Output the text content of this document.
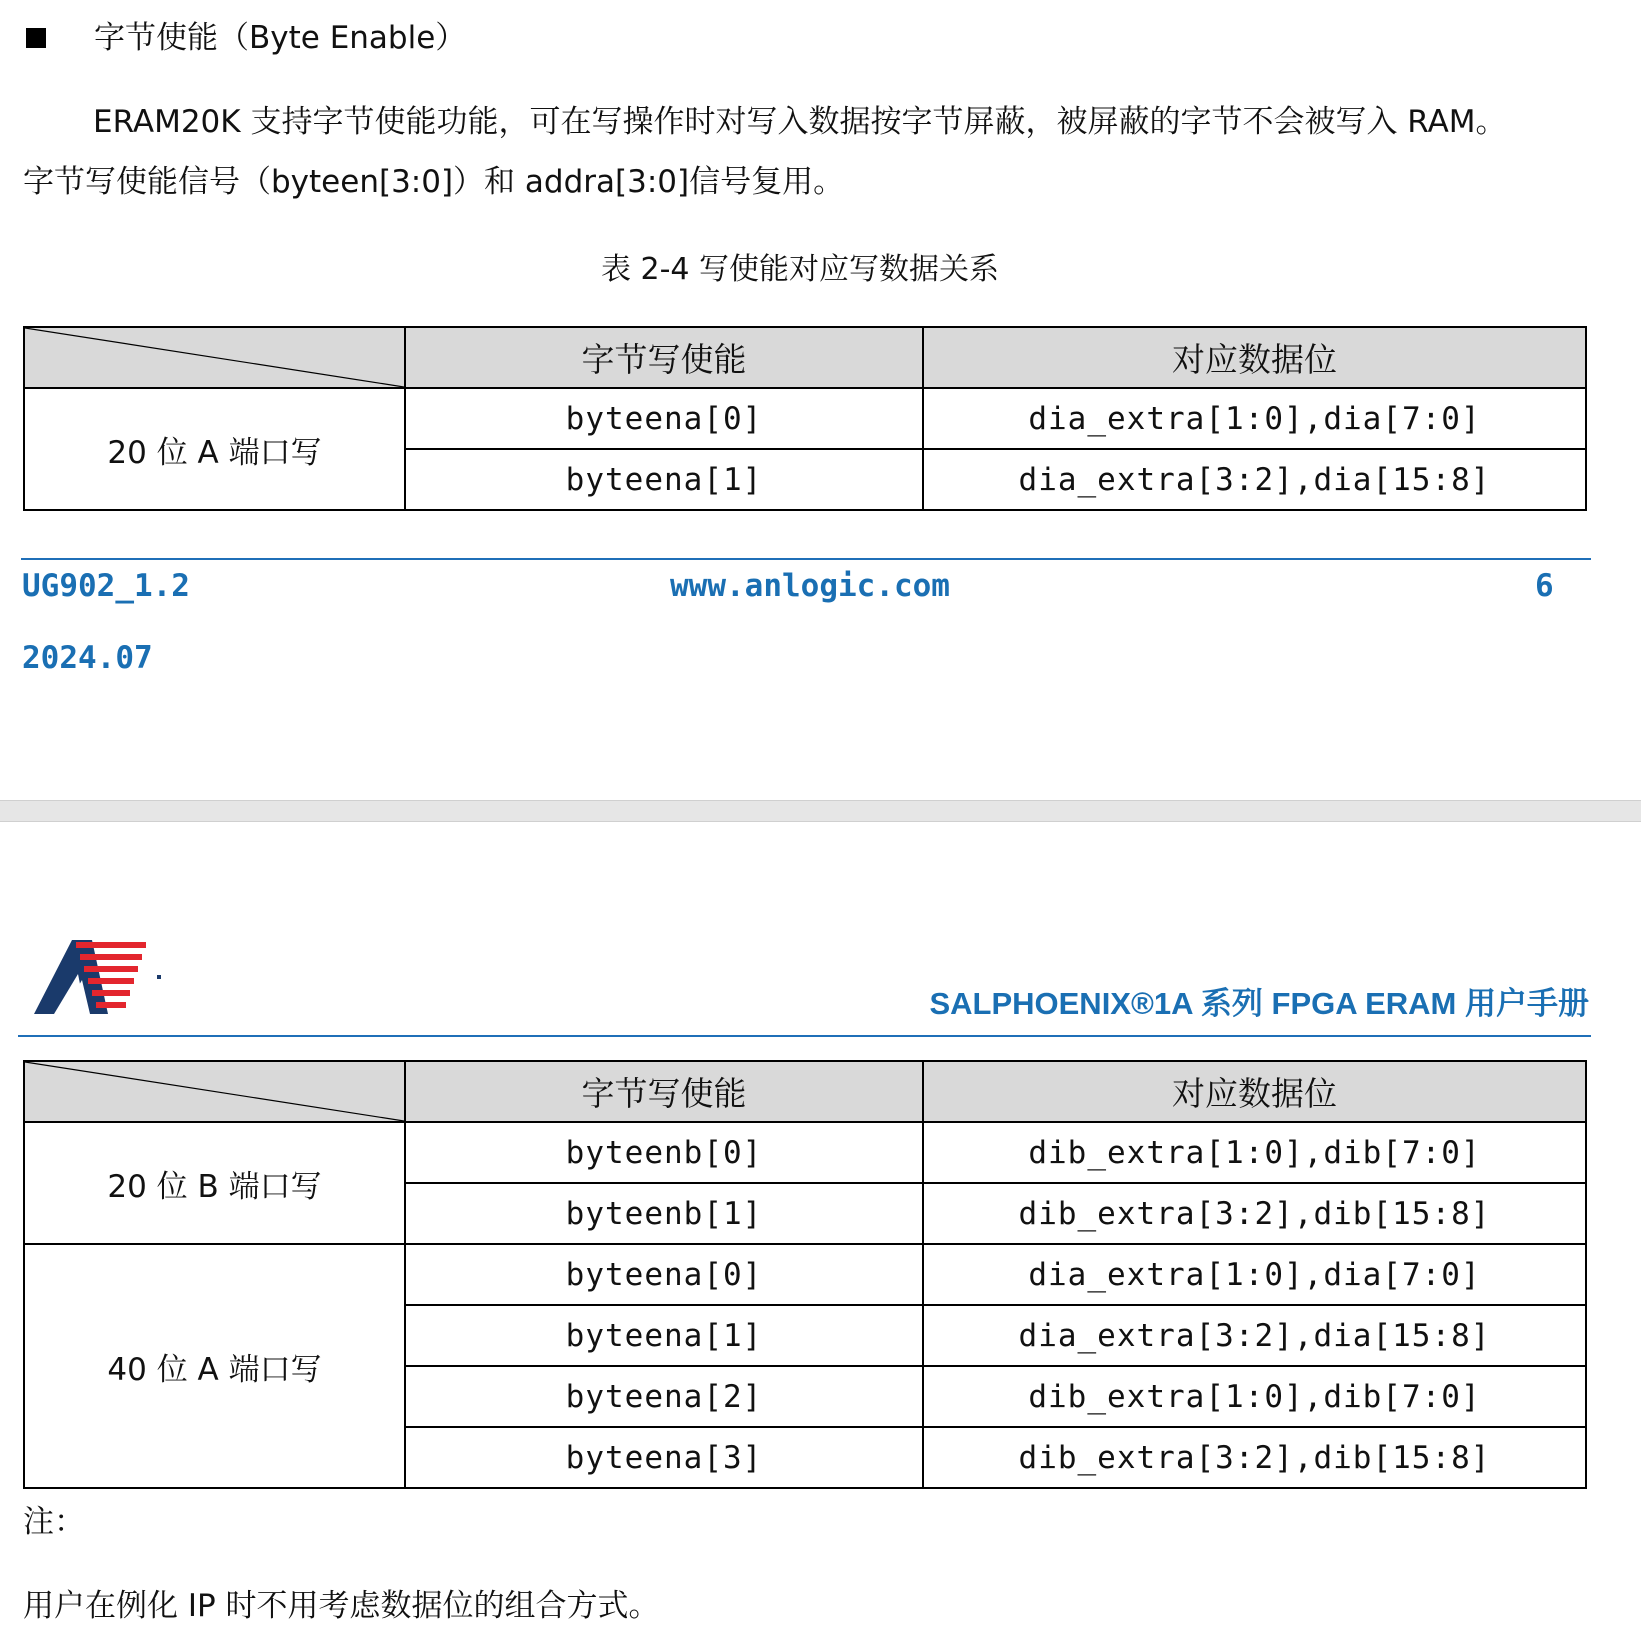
字节使能（Byte Enable）
ERAM20K 支持字节使能功能，可在写操作时对写入数据按字节屏蔽，被屏蔽的字节不会被写入 RAM。
字节写使能信号（byteen[3:0]）和 addra[3:0]信号复用。
表 2-4 写使能对应写数据关系
	字节写使能	对应数据位
20 位 A 端口写	byteena[0]	dia_extra[1:0],dia[7:0]
	byteena[1]	dia_extra[3:2],dia[15:8]
UG902_1.2	www.anlogic.com	6
2024.07
SALPHOENIX®1A 系列 FPGA ERAM 用户手册
	字节写使能	对应数据位
20 位 B 端口写	byteenb[0]	dib_extra[1:0],dib[7:0]
	byteenb[1]	dib_extra[3:2],dib[15:8]
40 位 A 端口写	byteena[0]	dia_extra[1:0],dia[7:0]
	byteena[1]	dia_extra[3:2],dia[15:8]
	byteena[2]	dib_extra[1:0],dib[7:0]
	byteena[3]	dib_extra[3:2],dib[15:8]
注：
用户在例化 IP 时不用考虑数据位的组合方式。
